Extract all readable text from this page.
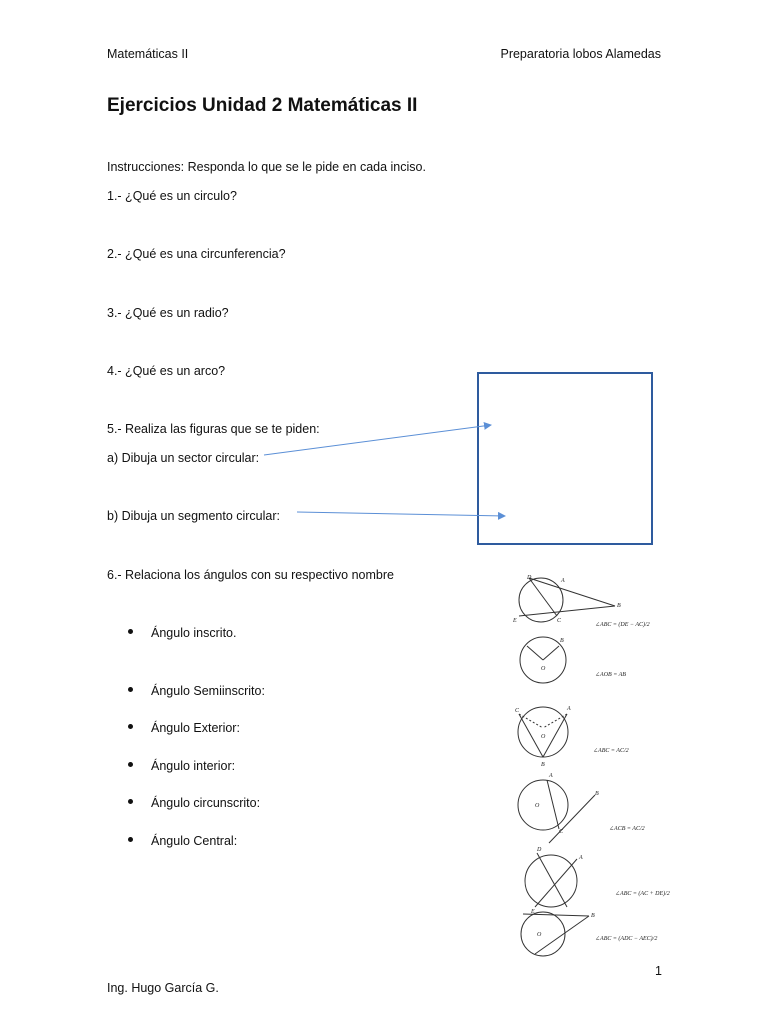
Matemáticas II	Preparatoria lobos Alamedas
Ejercicios Unidad 2 Matemáticas II
Instrucciones: Responda lo que se le pide en cada inciso.
1.- ¿Qué es un circulo?
2.- ¿Qué es una circunferencia?
3.- ¿Qué es un radio?
4.- ¿Qué es un arco?
5.- Realiza las figuras que se te piden:
a) Dibuja un sector circular:
b) Dibuja un segmento circular:
6.- Relaciona los ángulos con su respectivo nombre
Ángulo inscrito.
Ángulo Semiinscrito:
Ángulo Exterior:
Ángulo interior:
Ángulo circunscrito:
Ángulo Central:
D	A
B
E	C
∠ABC = (DE − AC)/2
B
O
∠AOB = AB
C	A
O
B
∠ABC = AC/2
A
O
B
C	∠ACB = AC/2
D
A
E
∠ABC = (AC + DE)/2
B
O
∠ABC = (ADC − AEC)/2
1
Ing. Hugo García G.
